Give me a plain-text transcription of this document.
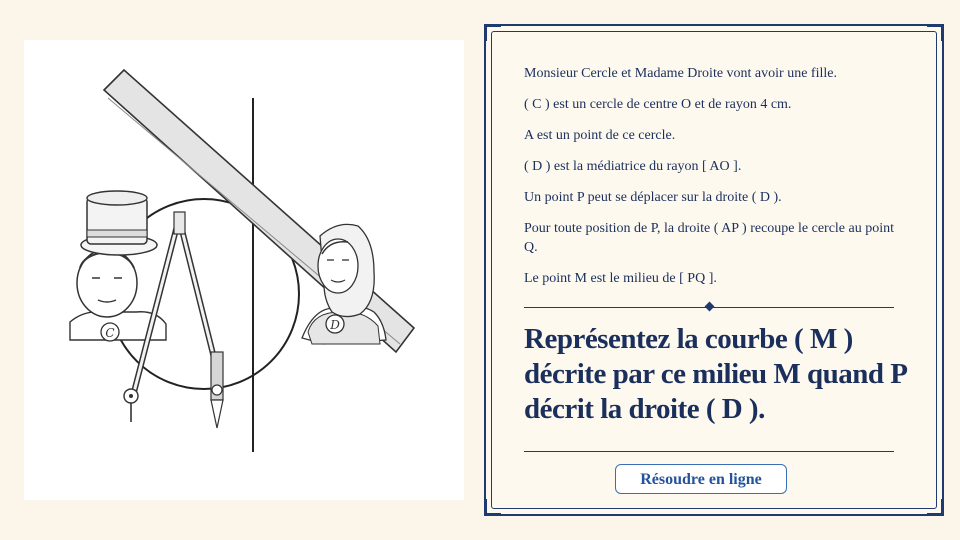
C
D

Monsieur Cercle et Madame Droite vont avoir une fille.

( C ) est un cercle de centre O et de rayon 4 cm.

A est un point de ce cercle.

( D ) est la médiatrice du rayon [ AO ].

Un point P peut se déplacer sur la droite ( D ).

Pour toute position de P, la droite ( AP ) recoupe le cercle au point Q.

Le point M est le milieu de [ PQ ].

Représentez la courbe ( M ) décrite par ce milieu M quand P décrit la droite ( D ).
Résoudre en ligne
